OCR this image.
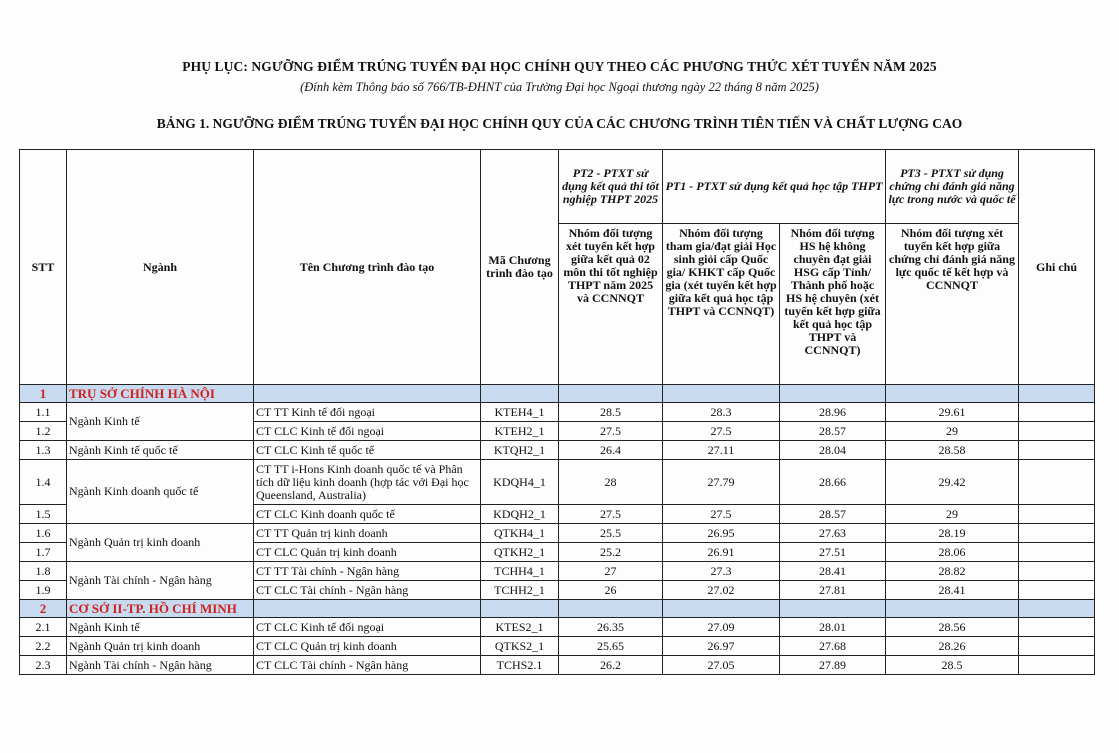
PHỤ LỤC: NGƯỠNG ĐIỂM TRÚNG TUYỂN ĐẠI HỌC CHÍNH QUY THEO CÁC PHƯƠNG THỨC XÉT TUYỂN NĂM 2025
(Đính kèm Thông báo số 766/TB-ĐHNT của Trường Đại học Ngoại thương ngày 22 tháng 8 năm 2025)
BẢNG 1. NGƯỠNG ĐIỂM TRÚNG TUYỂN ĐẠI HỌC CHÍNH QUY CỦA CÁC CHƯƠNG TRÌNH TIÊN TIẾN VÀ CHẤT LƯỢNG CAO
STT	Ngành	Tên Chương trình đào tạo	Mã Chương trình đào tạo	PT2 - PTXT sử dụng kết quả thi tốt nghiệp THPT 2025	PT1 - PTXT sử dụng kết quả học tập THPT		PT3 - PTXT sử dụng chứng chỉ đánh giá năng lực trong nước và quốc tế	Ghi chú
				Nhóm đối tượng xét tuyển kết hợp giữa kết quả 02 môn thi tốt nghiệp THPT năm 2025 và CCNNQT	Nhóm đối tượng tham gia/đạt giải Học sinh giỏi cấp Quốc gia/ KHKT cấp Quốc gia (xét tuyển kết hợp giữa kết quả học tập THPT và CCNNQT)	Nhóm đối tượng HS hệ không chuyên đạt giải HSG cấp Tỉnh/ Thành phố hoặc HS hệ chuyên (xét tuyển kết hợp giữa kết quả học tập THPT và CCNNQT)	Nhóm đối tượng xét tuyển kết hợp giữa chứng chỉ đánh giá năng lực quốc tế kết hợp và CCNNQT	
1	TRỤ SỞ CHÍNH HÀ NỘI							
1.1	Ngành Kinh tế	CT TT Kinh tế đối ngoại	KTEH4_1	28.5	28.3	28.96	29.61	
1.2		CT CLC Kinh tế đối ngoại	KTEH2_1	27.5	27.5	28.57	29	
1.3	Ngành Kinh tế quốc tế	CT CLC Kinh tế quốc tế	KTQH2_1	26.4	27.11	28.04	28.58	
1.4	Ngành Kinh doanh quốc tế	CT TT i-Hons Kinh doanh quốc tế và Phân tích dữ liệu kinh doanh (hợp tác với Đại học Queensland, Australia)	KDQH4_1	28	27.79	28.66	29.42	
1.5		CT CLC Kinh doanh quốc tế	KDQH2_1	27.5	27.5	28.57	29	
1.6	Ngành Quản trị kinh doanh	CT TT Quản trị kinh doanh	QTKH4_1	25.5	26.95	27.63	28.19	
1.7		CT CLC Quản trị kinh doanh	QTKH2_1	25.2	26.91	27.51	28.06	
1.8	Ngành Tài chính - Ngân hàng	CT TT Tài chính - Ngân hàng	TCHH4_1	27	27.3	28.41	28.82	
1.9		CT CLC Tài chính - Ngân hàng	TCHH2_1	26	27.02	27.81	28.41	
2	CƠ SỞ II-TP. HỒ CHÍ MINH							
2.1	Ngành Kinh tế	CT CLC Kinh tế đối ngoại	KTES2_1	26.35	27.09	28.01	28.56	
2.2	Ngành Quản trị kinh doanh	CT CLC Quản trị kinh doanh	QTKS2_1	25.65	26.97	27.68	28.26	
2.3	Ngành Tài chính - Ngân hàng	CT CLC Tài chính - Ngân hàng	TCHS2.1	26.2	27.05	27.89	28.5	
